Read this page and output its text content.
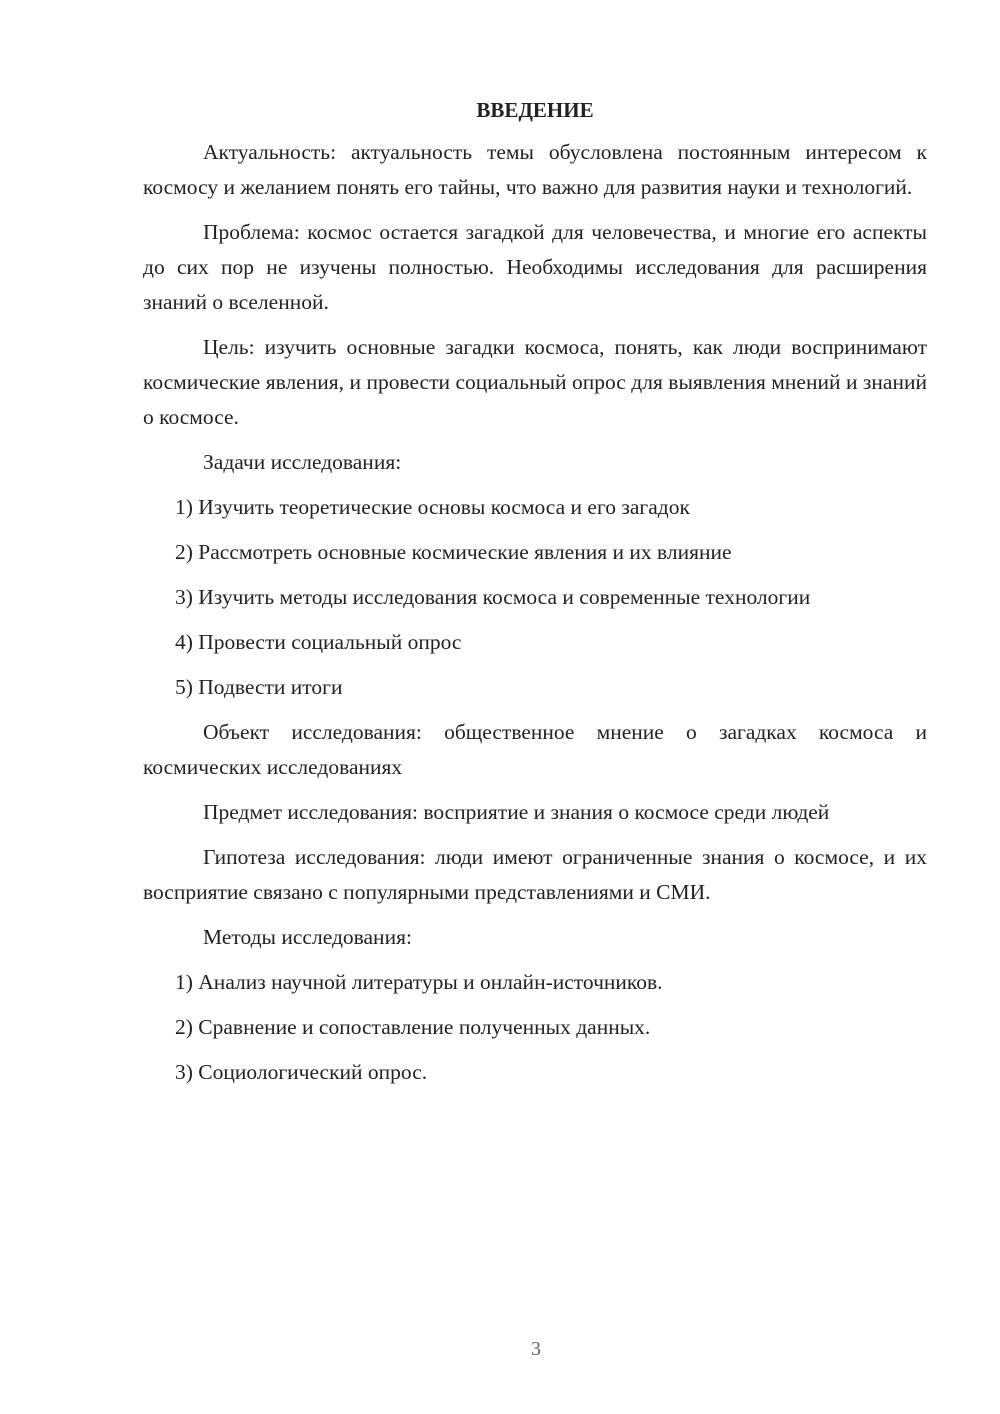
ВВЕДЕНИЕ

Актуальность: актуальность темы обусловлена постоянным интересом к космосу и желанием понять его тайны, что важно для развития науки и технологий.

Проблема: космос остается загадкой для человечества, и многие его аспекты до сих пор не изучены полностью. Необходимы исследования для расширения знаний о вселенной.

Цель: изучить основные загадки космоса, понять, как люди воспринимают космические явления, и провести социальный опрос для выявления мнений и знаний о космосе.

Задачи исследования:

1) Изучить теоретические основы космоса и его загадок
2) Рассмотреть основные космические явления и их влияние
3) Изучить методы исследования космоса и современные технологии
4) Провести социальный опрос
5) Подвести итоги

Объект исследования: общественное мнение о загадках космоса и космических исследованиях

Предмет исследования: восприятие и знания о космосе среди людей

Гипотеза исследования: люди имеют ограниченные знания о космосе, и их восприятие связано с популярными представлениями и СМИ.

Методы исследования:

1) Анализ научной литературы и онлайн-источников.
2) Сравнение и сопоставление полученных данных.
3) Социологический опрос.
3
